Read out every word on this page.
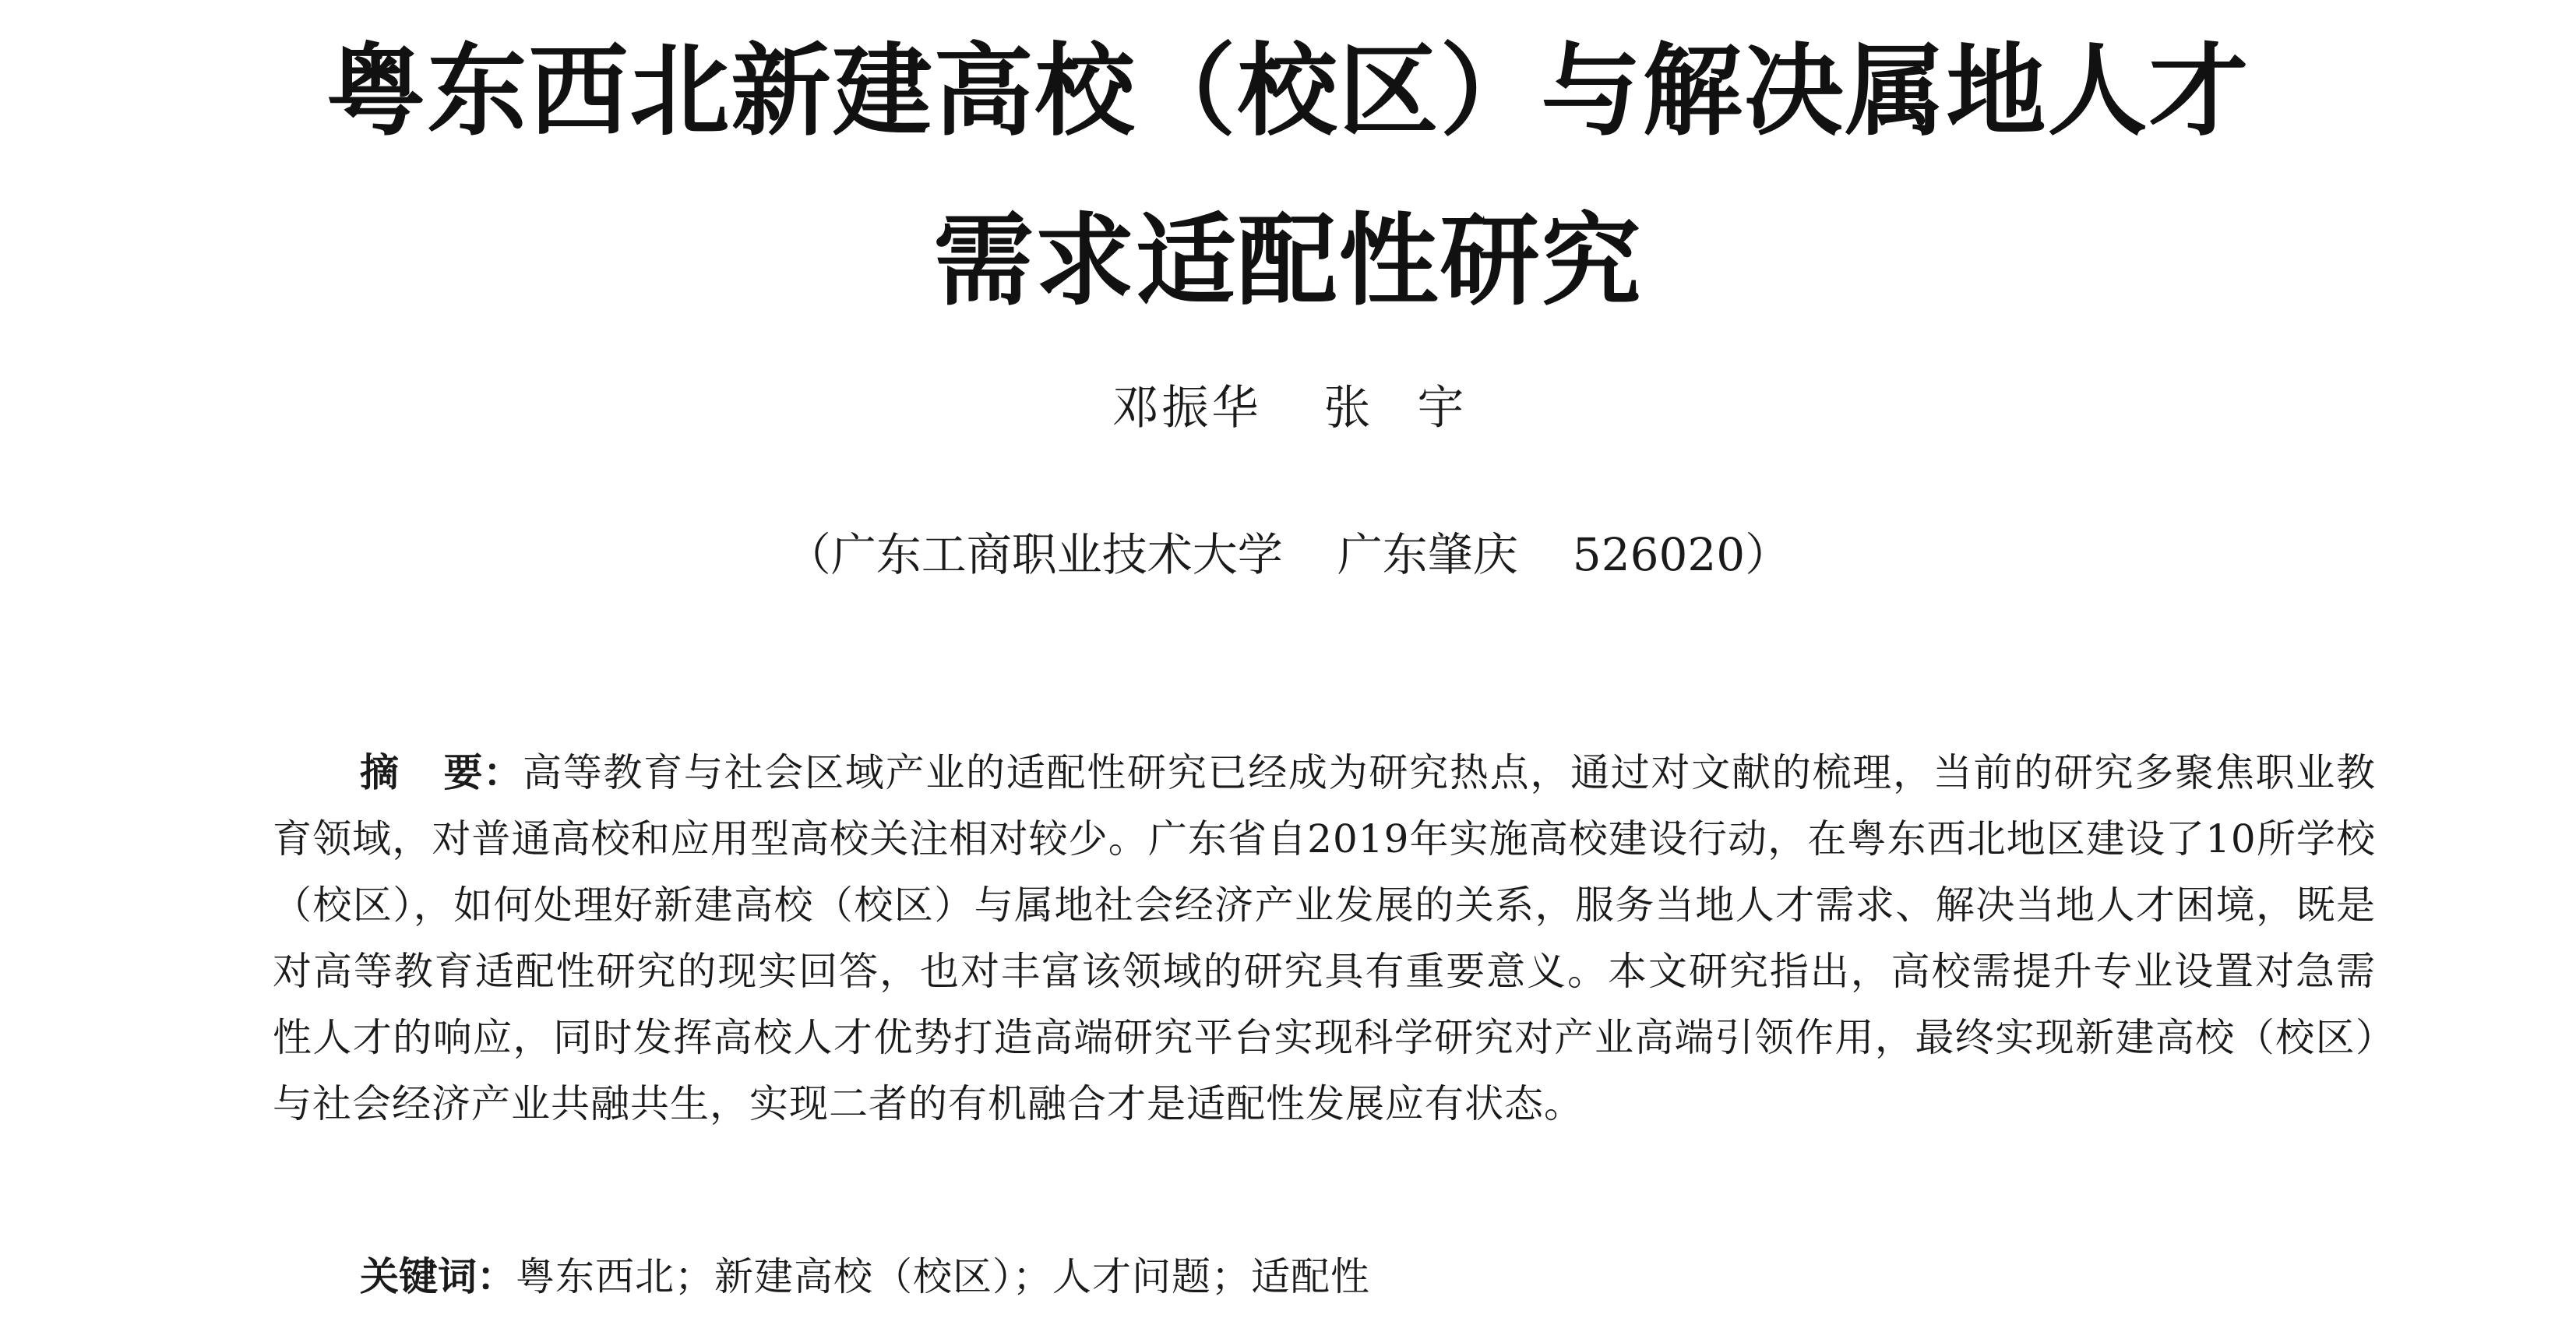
粤东西北新建高校（校区）与解决属地人才
需求适配性研究
邓振华 张宇
（广东工商职业技术大学 广东肇庆 526020）
摘 要：高等教育与社会区域产业的适配性研究已经成为研究热点，通过对文献的梳理，当前的研究多聚焦职业教育领域，对普通高校和应用型高校关注相对较少。广东省自2019年实施高校建设行动，在粤东西北地区建设了10所学校（校区），如何处理好新建高校（校区）与属地社会经济产业发展的关系，服务当地人才需求、解决当地人才困境，既是对高等教育适配性研究的现实回答，也对丰富该领域的研究具有重要意义。本文研究指出，高校需提升专业设置对急需性人才的响应，同时发挥高校人才优势打造高端研究平台实现科学研究对产业高端引领作用，最终实现新建高校（校区）与社会经济产业共融共生，实现二者的有机融合才是适配性发展应有状态。
关键词：粤东西北；新建高校（校区）；人才问题；适配性
